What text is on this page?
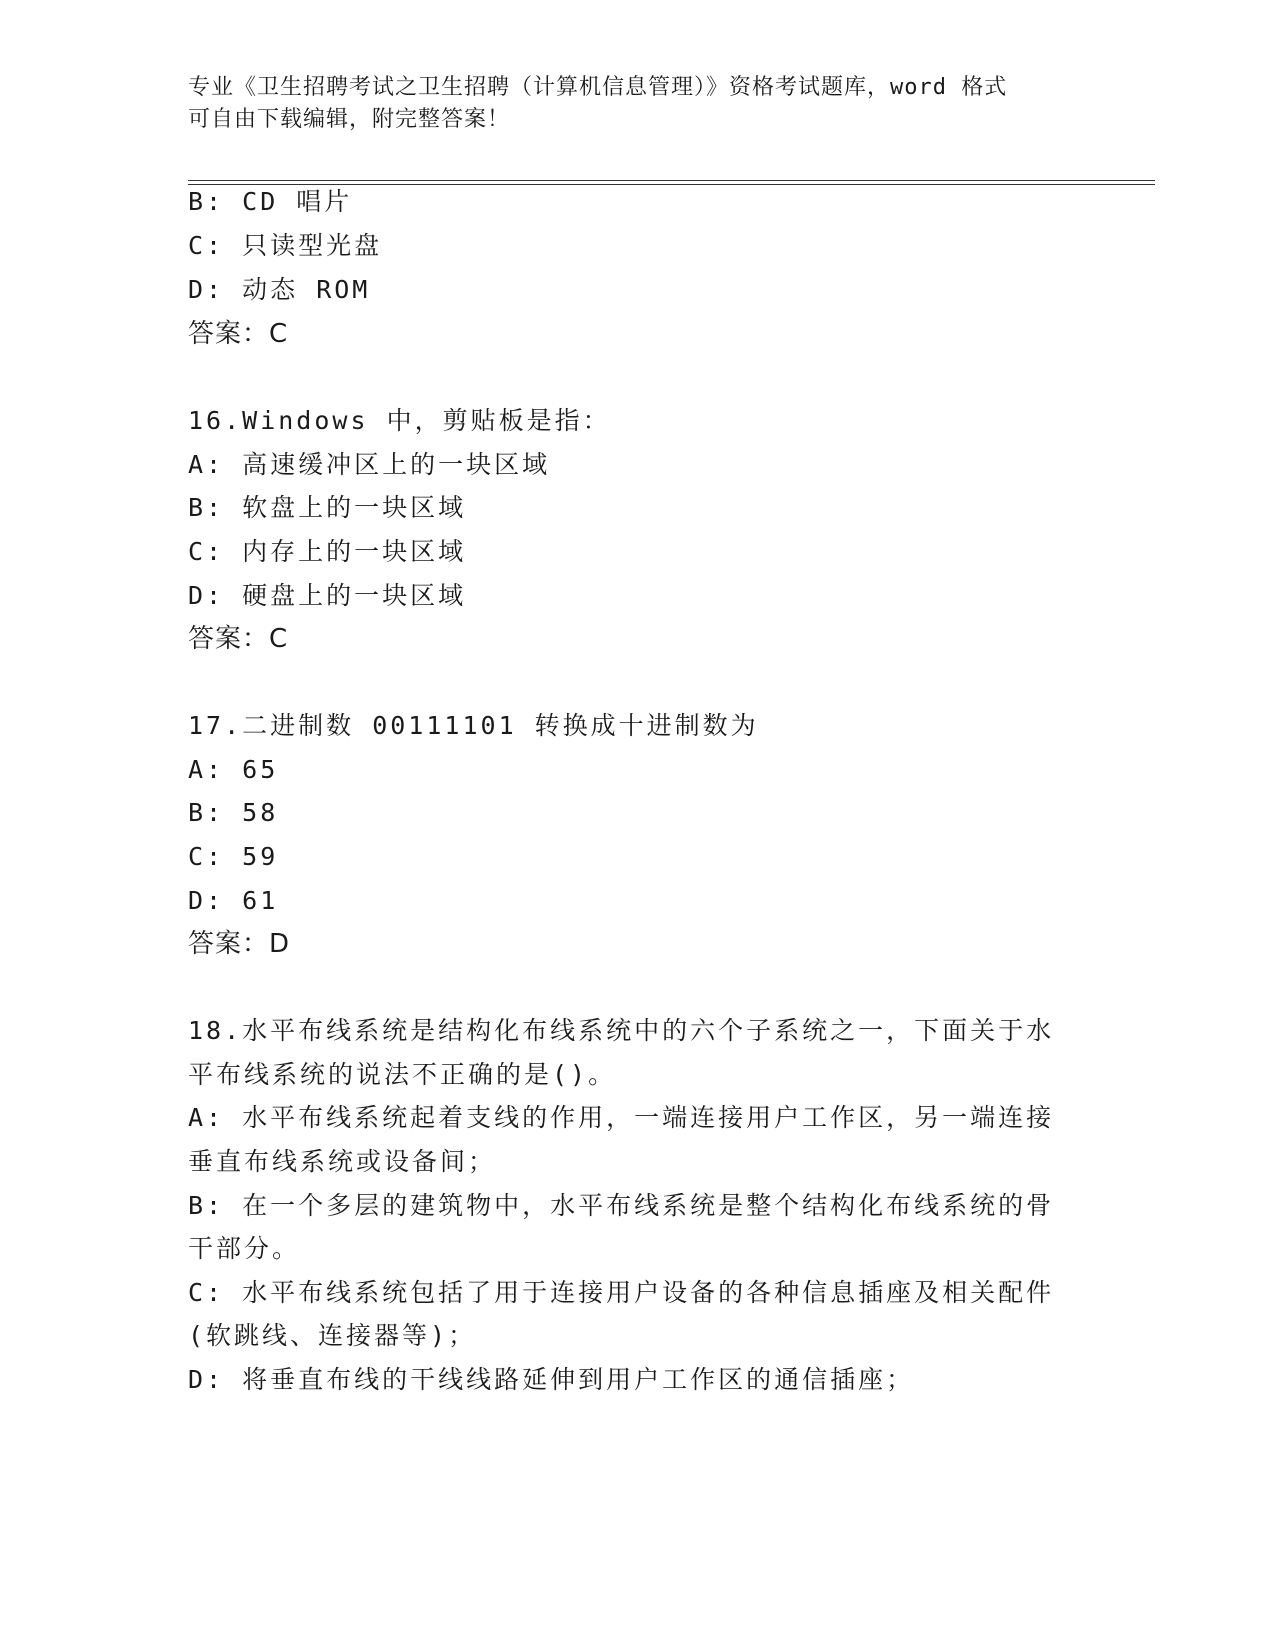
专业《卫生招聘考试之卫生招聘（计算机信息管理）》资格考试题库，word 格式
可自由下载编辑，附完整答案！
B: CD 唱片
C: 只读型光盘
D: 动态 ROM
答案：C
16.Windows 中，剪贴板是指：
A: 高速缓冲区上的一块区域
B: 软盘上的一块区域
C: 内存上的一块区域
D: 硬盘上的一块区域
答案：C
17.二进制数 00111101 转换成十进制数为
A: 65
B: 58
C: 59
D: 61
答案：D
18.水平布线系统是结构化布线系统中的六个子系统之一，下面关于水
平布线系统的说法不正确的是()。
A: 水平布线系统起着支线的作用，一端连接用户工作区，另一端连接
垂直布线系统或设备间；
B: 在一个多层的建筑物中，水平布线系统是整个结构化布线系统的骨
干部分。
C: 水平布线系统包括了用于连接用户设备的各种信息插座及相关配件
(软跳线、连接器等)；
D: 将垂直布线的干线线路延伸到用户工作区的通信插座；
